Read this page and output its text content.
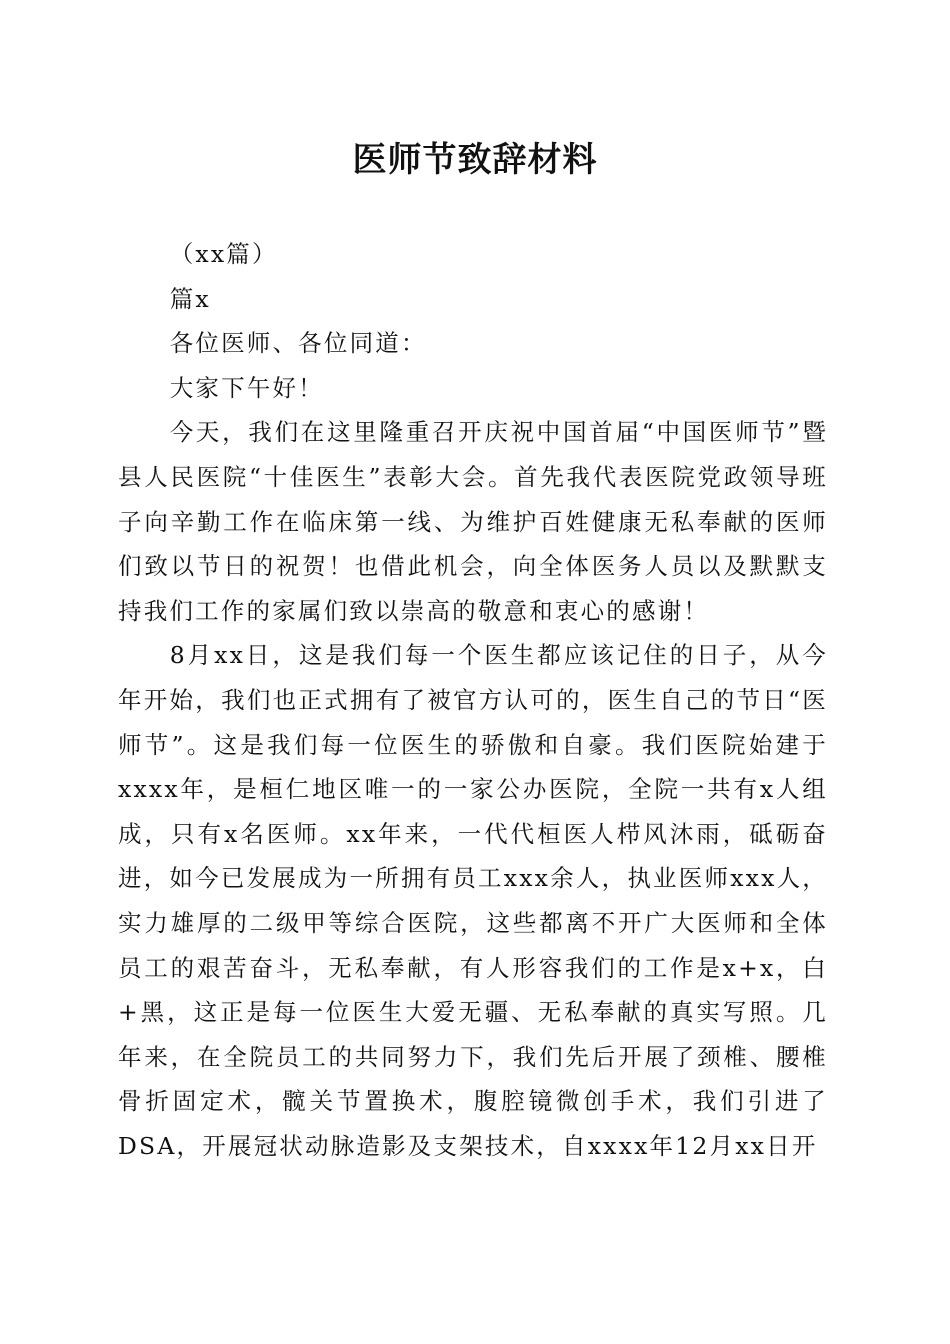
医师节致辞材料

（xx篇）

篇x

各位医师、各位同道：

大家下午好！

今天，我们在这里隆重召开庆祝中国首届“中国医师节”暨县人民医院“十佳医生”表彰大会。首先我代表医院党政领导班子向辛勤工作在临床第一线、为维护百姓健康无私奉献的医师们致以节日的祝贺！也借此机会，向全体医务人员以及默默支持我们工作的家属们致以崇高的敬意和衷心的感谢！

8月xx日，这是我们每一个医生都应该记住的日子，从今年开始，我们也正式拥有了被官方认可的，医生自己的节日“医师节”。这是我们每一位医生的骄傲和自豪。我们医院始建于xxxx年，是桓仁地区唯一的一家公办医院，全院一共有x人组成，只有x名医师。xx年来，一代代桓医人栉风沐雨，砥砺奋进，如今已发展成为一所拥有员工xxx余人，执业医师xxx人，实力雄厚的二级甲等综合医院，这些都离不开广大医师和全体员工的艰苦奋斗，无私奉献，有人形容我们的工作是x+x，白+黑，这正是每一位医生大爱无疆、无私奉献的真实写照。几年来，在全院员工的共同努力下，我们先后开展了颈椎、腰椎骨折固定术，髋关节置换术，腹腔镜微创手术，我们引进了DSA，开展冠状动脉造影及支架技术，自xxxx年12月xx日开
